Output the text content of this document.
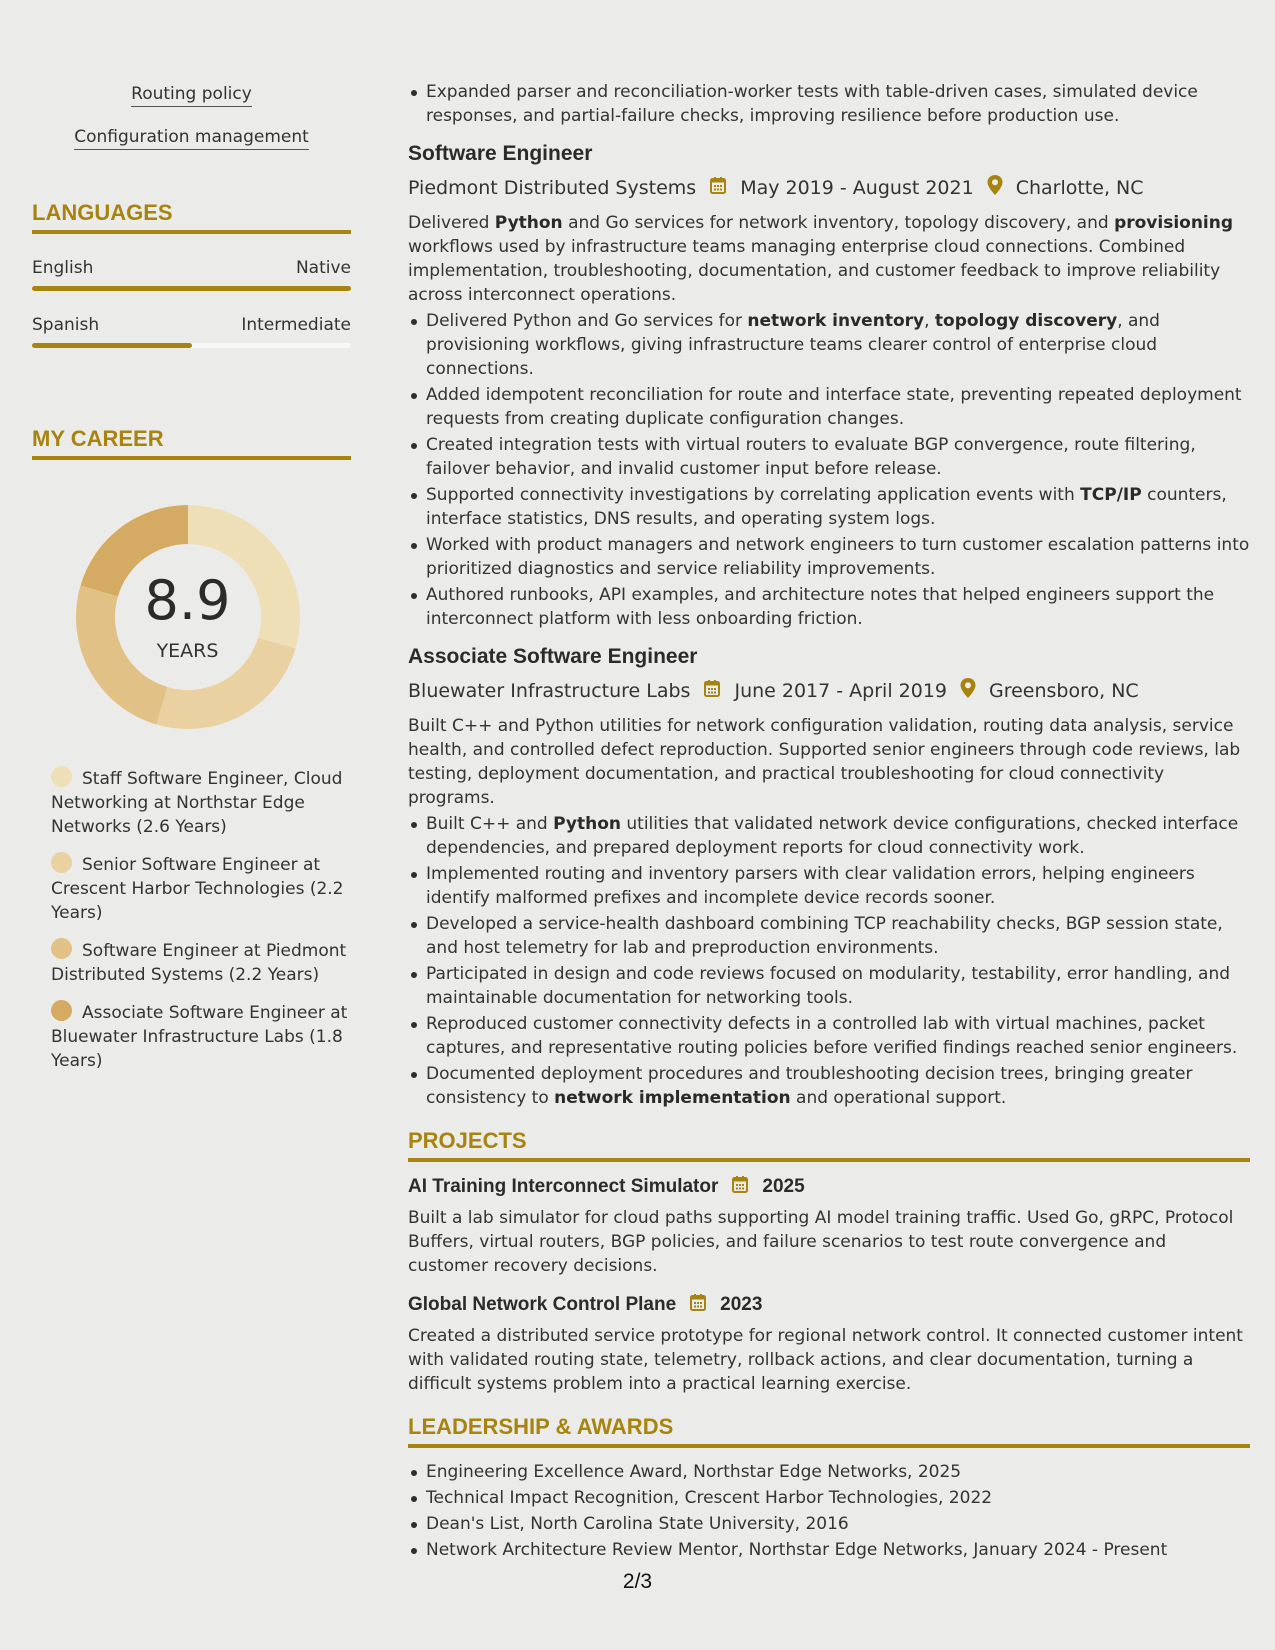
Routing policy
Configuration management
LANGUAGES
English	Native
Spanish	Intermediate
MY CAREER
8.9
YEARS
Staff Software Engineer, Cloud Networking at Northstar Edge Networks (2.6 Years)
Senior Software Engineer at Crescent Harbor Technologies (2.2 Years)
Software Engineer at Piedmont Distributed Systems (2.2 Years)
Associate Software Engineer at Bluewater Infrastructure Labs (1.8 Years)
Expanded parser and reconciliation-worker tests with table-driven cases, simulated device responses, and partial-failure checks, improving resilience before production use.
Software Engineer
Piedmont Distributed Systems May 2019 - August 2021 Charlotte, NC
Delivered Python and Go services for network inventory, topology discovery, and provisioning workflows used by infrastructure teams managing enterprise cloud connections. Combined implementation, troubleshooting, documentation, and customer feedback to improve reliability across interconnect operations.
Delivered Python and Go services for network inventory, topology discovery, and provisioning workflows, giving infrastructure teams clearer control of enterprise cloud connections.
Added idempotent reconciliation for route and interface state, preventing repeated deployment requests from creating duplicate configuration changes.
Created integration tests with virtual routers to evaluate BGP convergence, route filtering, failover behavior, and invalid customer input before release.
Supported connectivity investigations by correlating application events with TCP/IP counters, interface statistics, DNS results, and operating system logs.
Worked with product managers and network engineers to turn customer escalation patterns into prioritized diagnostics and service reliability improvements.
Authored runbooks, API examples, and architecture notes that helped engineers support the interconnect platform with less onboarding friction.
Associate Software Engineer
Bluewater Infrastructure Labs June 2017 - April 2019 Greensboro, NC
Built C++ and Python utilities for network configuration validation, routing data analysis, service health, and controlled defect reproduction. Supported senior engineers through code reviews, lab testing, deployment documentation, and practical troubleshooting for cloud connectivity programs.
Built C++ and Python utilities that validated network device configurations, checked interface dependencies, and prepared deployment reports for cloud connectivity work.
Implemented routing and inventory parsers with clear validation errors, helping engineers identify malformed prefixes and incomplete device records sooner.
Developed a service-health dashboard combining TCP reachability checks, BGP session state, and host telemetry for lab and preproduction environments.
Participated in design and code reviews focused on modularity, testability, error handling, and maintainable documentation for networking tools.
Reproduced customer connectivity defects in a controlled lab with virtual machines, packet captures, and representative routing policies before verified findings reached senior engineers.
Documented deployment procedures and troubleshooting decision trees, bringing greater consistency to network implementation and operational support.
PROJECTS
AI Training Interconnect Simulator 2025
Built a lab simulator for cloud paths supporting AI model training traffic. Used Go, gRPC, Protocol Buffers, virtual routers, BGP policies, and failure scenarios to test route convergence and customer recovery decisions.
Global Network Control Plane 2023
Created a distributed service prototype for regional network control. It connected customer intent with validated routing state, telemetry, rollback actions, and clear documentation, turning a difficult systems problem into a practical learning exercise.
LEADERSHIP & AWARDS
Engineering Excellence Award, Northstar Edge Networks, 2025
Technical Impact Recognition, Crescent Harbor Technologies, 2022
Dean's List, North Carolina State University, 2016
Network Architecture Review Mentor, Northstar Edge Networks, January 2024 - Present
2/3
